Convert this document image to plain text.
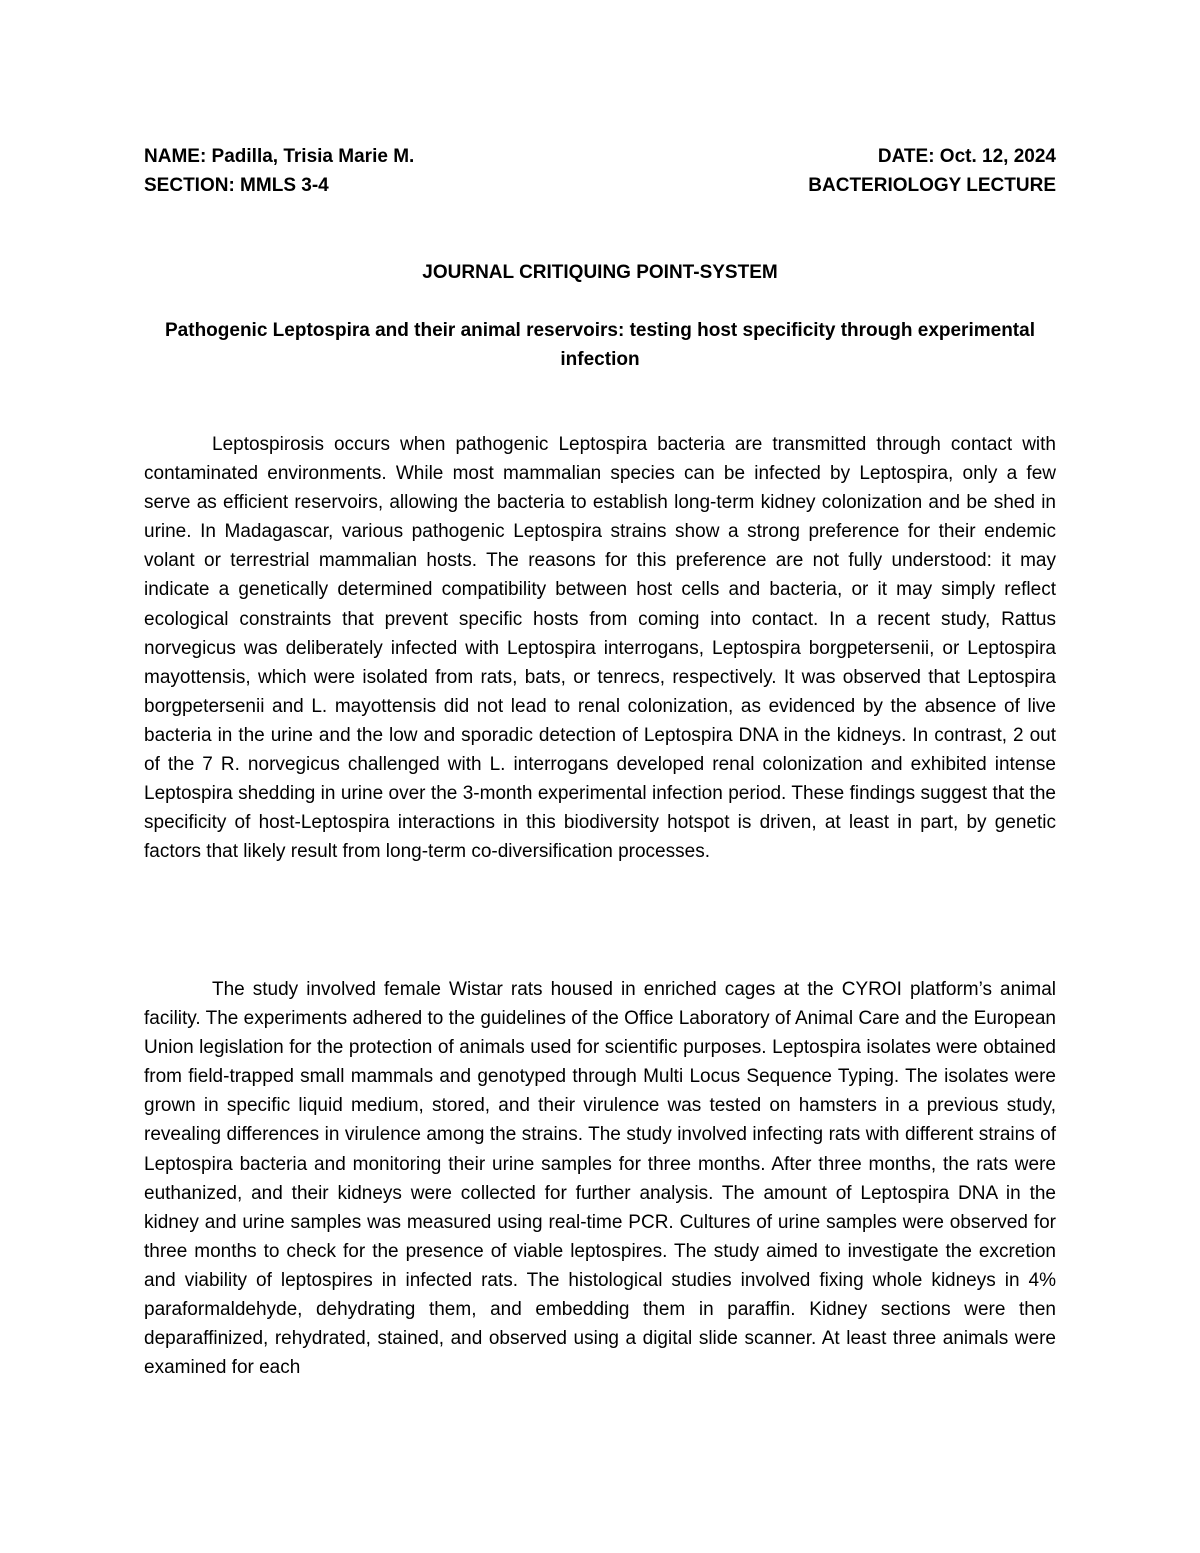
NAME: Padilla, Trisia Marie M.	DATE: Oct. 12, 2024
SECTION: MMLS 3-4	BACTERIOLOGY LECTURE
JOURNAL CRITIQUING POINT-SYSTEM
Pathogenic Leptospira and their animal reservoirs: testing host specificity through experimental infection

Leptospirosis occurs when pathogenic Leptospira bacteria are transmitted through contact with contaminated environments. While most mammalian species can be infected by Leptospira, only a few serve as efficient reservoirs, allowing the bacteria to establish long-term kidney colonization and be shed in urine. In Madagascar, various pathogenic Leptospira strains show a strong preference for their endemic volant or terrestrial mammalian hosts. The reasons for this preference are not fully understood: it may indicate a genetically determined compatibility between host cells and bacteria, or it may simply reflect ecological constraints that prevent specific hosts from coming into contact. In a recent study, Rattus norvegicus was deliberately infected with Leptospira interrogans, Leptospira borgpetersenii, or Leptospira mayottensis, which were isolated from rats, bats, or tenrecs, respectively. It was observed that Leptospira borgpetersenii and L. mayottensis did not lead to renal colonization, as evidenced by the absence of live bacteria in the urine and the low and sporadic detection of Leptospira DNA in the kidneys. In contrast, 2 out of the 7 R. norvegicus challenged with L. interrogans developed renal colonization and exhibited intense Leptospira shedding in urine over the 3-month experimental infection period. These findings suggest that the specificity of host-Leptospira interactions in this biodiversity hotspot is driven, at least in part, by genetic factors that likely result from long-term co-diversification processes.

The study involved female Wistar rats housed in enriched cages at the CYROI platform’s animal facility. The experiments adhered to the guidelines of the Office Laboratory of Animal Care and the European Union legislation for the protection of animals used for scientific purposes. Leptospira isolates were obtained from field-trapped small mammals and genotyped through Multi Locus Sequence Typing. The isolates were grown in specific liquid medium, stored, and their virulence was tested on hamsters in a previous study, revealing differences in virulence among the strains. The study involved infecting rats with different strains of Leptospira bacteria and monitoring their urine samples for three months. After three months, the rats were euthanized, and their kidneys were collected for further analysis. The amount of Leptospira DNA in the kidney and urine samples was measured using real-time PCR. Cultures of urine samples were observed for three months to check for the presence of viable leptospires. The study aimed to investigate the excretion and viability of leptospires in infected rats. The histological studies involved fixing whole kidneys in 4% paraformaldehyde, dehydrating them, and embedding them in paraffin. Kidney sections were then deparaffinized, rehydrated, stained, and observed using a digital slide scanner. At least three animals were examined for each
